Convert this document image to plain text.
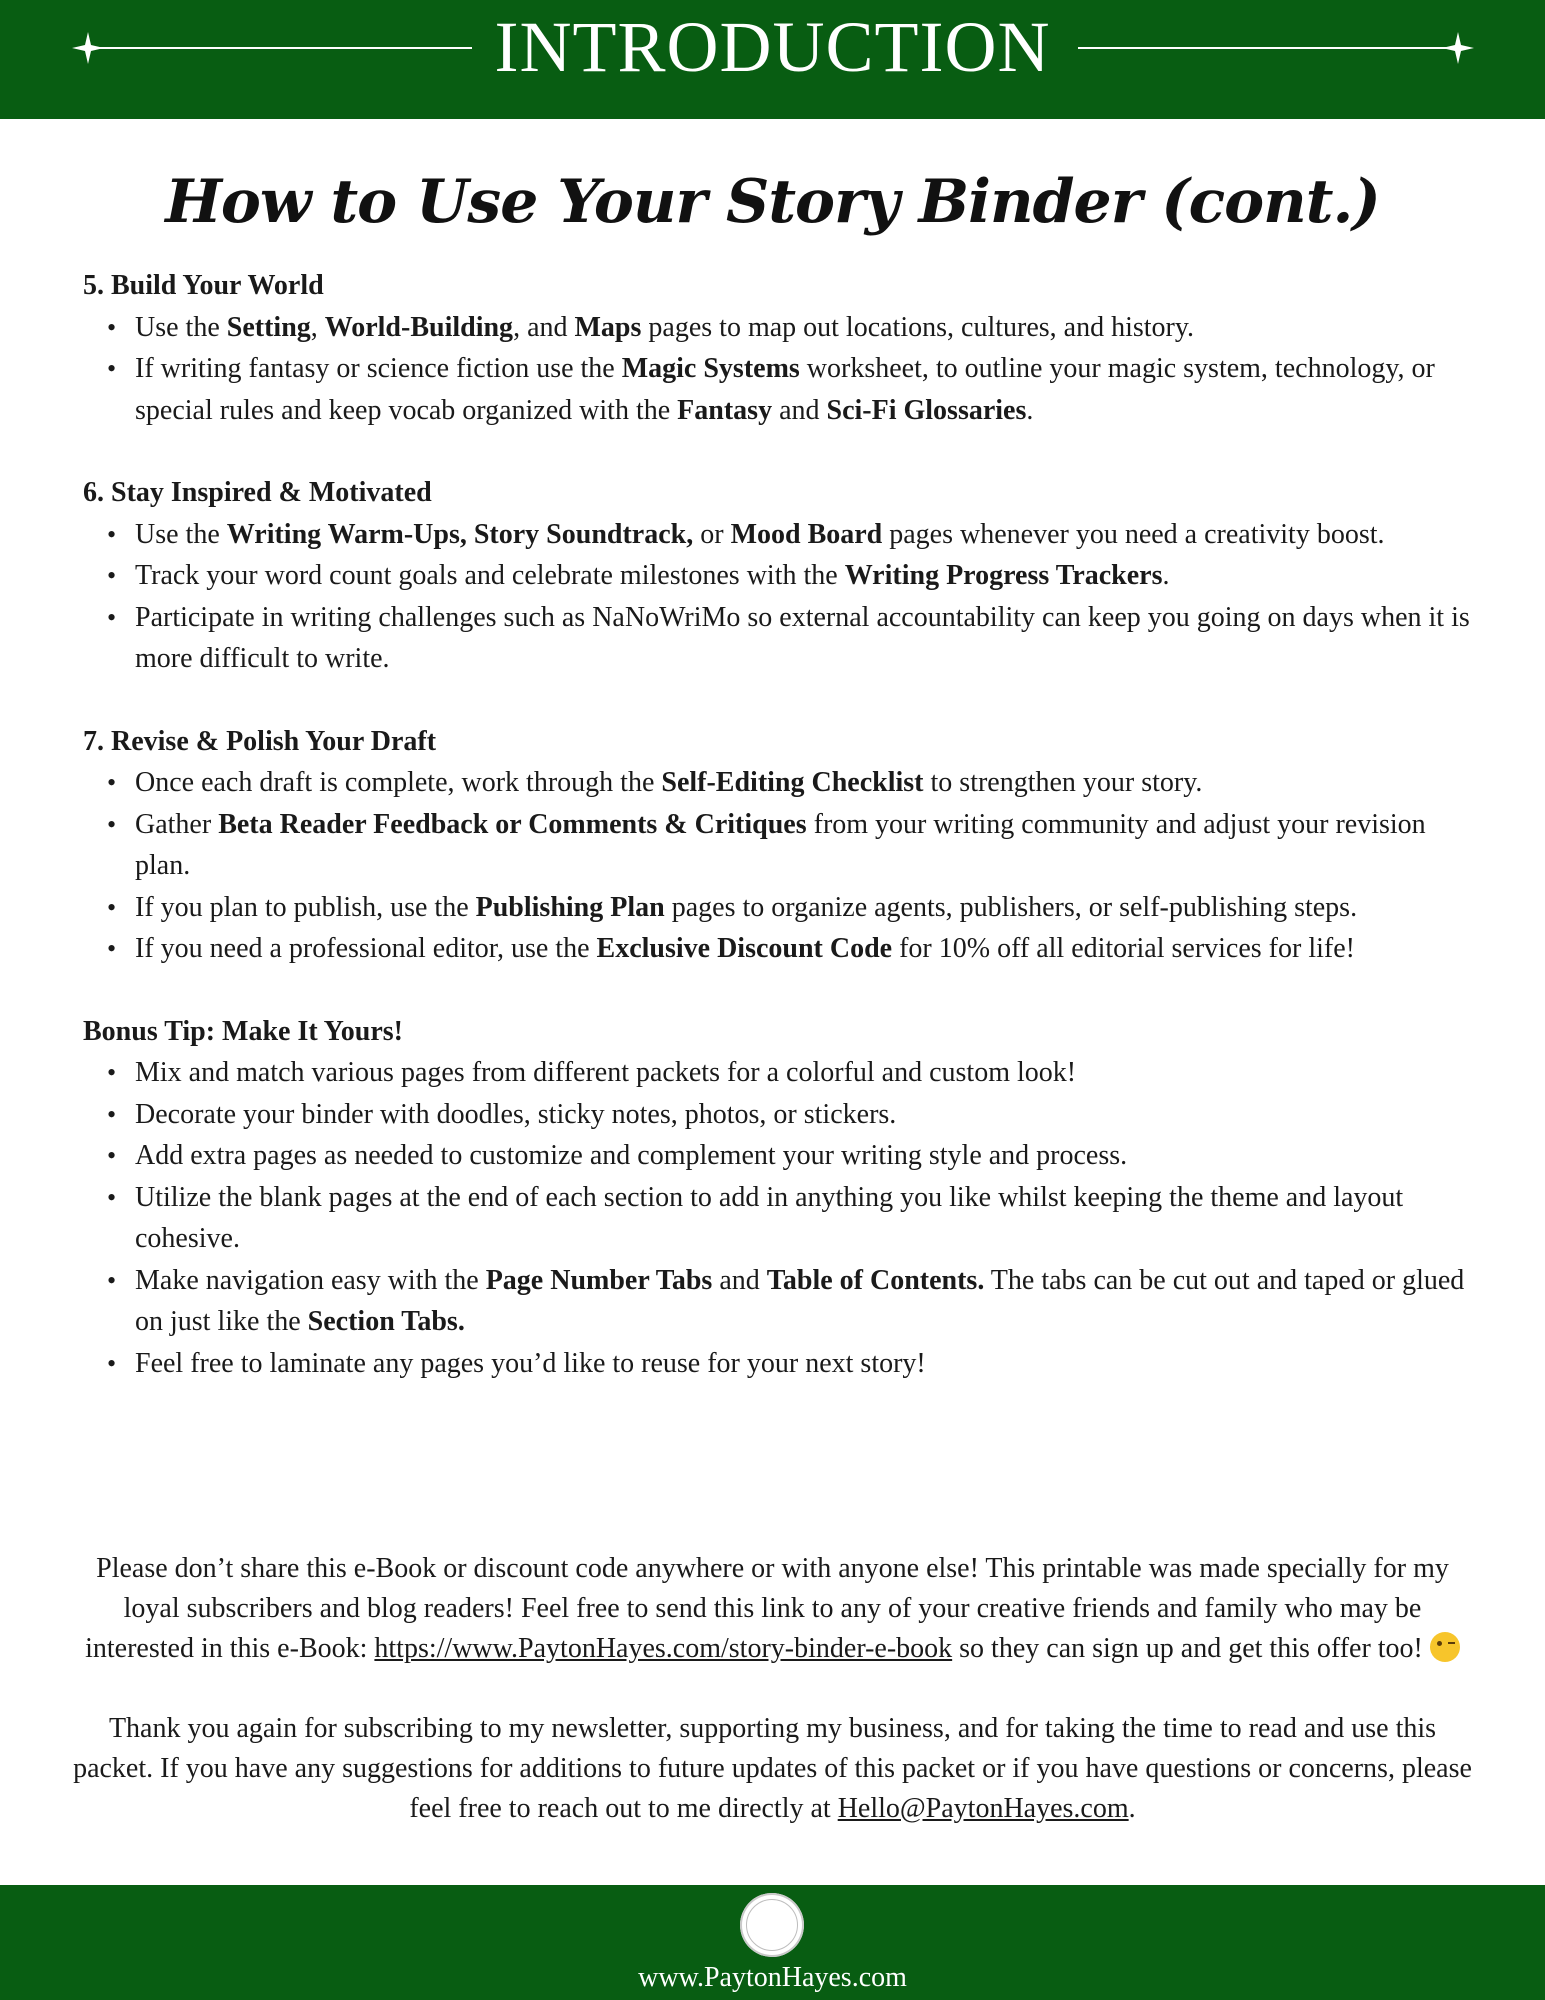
INTRODUCTION
How to Use Your Story Binder (cont.)
5. Build Your World
• Use the Setting, World-Building, and Maps pages to map out locations, cultures, and history.
• If writing fantasy or science fiction use the Magic Systems worksheet, to outline your magic system, technology, or special rules and keep vocab organized with the Fantasy and Sci-Fi Glossaries.
6. Stay Inspired & Motivated
• Use the Writing Warm-Ups, Story Soundtrack, or Mood Board pages whenever you need a creativity boost.
• Track your word count goals and celebrate milestones with the Writing Progress Trackers.
• Participate in writing challenges such as NaNoWriMo so external accountability can keep you going on days when it is more difficult to write.
7. Revise & Polish Your Draft
• Once each draft is complete, work through the Self-Editing Checklist to strengthen your story.
• Gather Beta Reader Feedback or Comments & Critiques from your writing community and adjust your revision plan.
• If you plan to publish, use the Publishing Plan pages to organize agents, publishers, or self-publishing steps.
• If you need a professional editor, use the Exclusive Discount Code for 10% off all editorial services for life!
Bonus Tip: Make It Yours!
• Mix and match various pages from different packets for a colorful and custom look!
• Decorate your binder with doodles, sticky notes, photos, or stickers.
• Add extra pages as needed to customize and complement your writing style and process.
• Utilize the blank pages at the end of each section to add in anything you like whilst keeping the theme and layout cohesive.
• Make navigation easy with the Page Number Tabs and Table of Contents. The tabs can be cut out and taped or glued on just like the Section Tabs.
• Feel free to laminate any pages you’d like to reuse for your next story!

Please don’t share this e-Book or discount code anywhere or with anyone else! This printable was made specially for my loyal subscribers and blog readers! Feel free to send this link to any of your creative friends and family who may be interested in this e-Book: https://www.PaytonHayes.com/story-binder-e-book so they can sign up and get this offer too!

Thank you again for subscribing to my newsletter, supporting my business, and for taking the time to read and use this packet. If you have any suggestions for additions to future updates of this packet or if you have questions or concerns, please feel free to reach out to me directly at Hello@PaytonHayes.com.

www.PaytonHayes.com
